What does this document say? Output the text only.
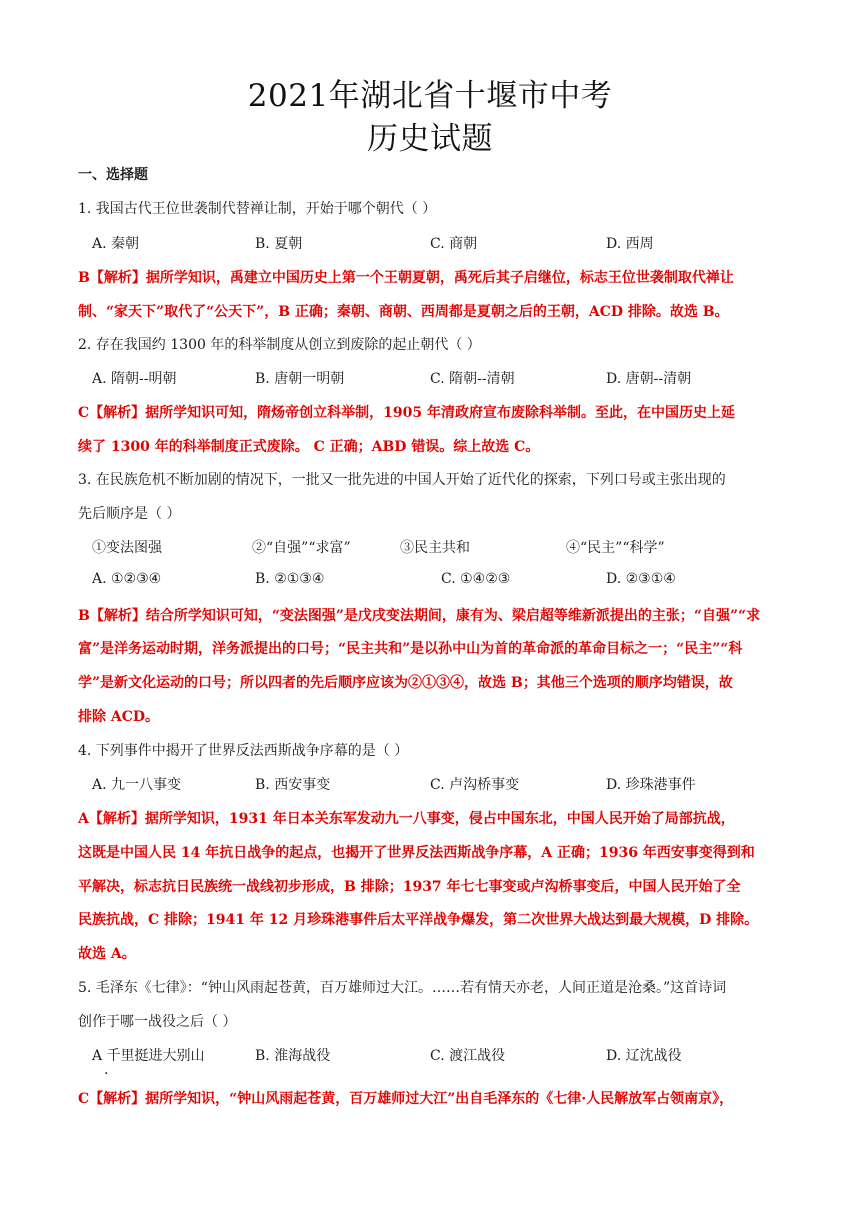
2021年湖北省十堰市中考
历史试题
一、选择题
1. 我国古代王位世袭制代替禅让制，开始于哪个朝代（ ）
A. 秦朝	B. 夏朝	C. 商朝	D. 西周
B【解析】据所学知识，禹建立中国历史上第一个王朝夏朝，禹死后其子启继位，标志王位世袭制取代禅让
制、“家天下”取代了“公天下”，B 正确；秦朝、商朝、西周都是夏朝之后的王朝，ACD 排除。故选 B。
2. 存在我国约 1300 年的科举制度从创立到废除的起止朝代（ ）
A. 隋朝--明朝	B. 唐朝一明朝	C. 隋朝--清朝	D. 唐朝--清朝
C【解析】据所学知识可知，隋炀帝创立科举制，1905 年清政府宣布废除科举制。至此，在中国历史上延
续了 1300 年的科举制度正式废除。 C 正确；ABD 错误。综上故选 C。
3. 在民族危机不断加剧的情况下，一批又一批先进的中国人开始了近代化的探索，下列口号或主张出现的
先后顺序是（ ）
①变法图强	②“自强”“求富”	③民主共和	④“民主”“科学”
A. ①②③④	B. ②①③④	C. ①④②③	D. ②③①④
B【解析】结合所学知识可知，“变法图强”是戊戌变法期间，康有为、梁启超等维新派提出的主张；“自强”“求
富”是洋务运动时期，洋务派提出的口号；“民主共和”是以孙中山为首的革命派的革命目标之一；“民主”“科
学”是新文化运动的口号；所以四者的先后顺序应该为②①③④，故选 B；其他三个选项的顺序均错误，故
排除 ACD。
4. 下列事件中揭开了世界反法西斯战争序幕的是（ ）
A. 九一八事变	B. 西安事变	C. 卢沟桥事变	D. 珍珠港事件
A【解析】据所学知识，1931 年日本关东军发动九一八事变，侵占中国东北，中国人民开始了局部抗战，
这既是中国人民 14 年抗日战争的起点，也揭开了世界反法西斯战争序幕，A 正确；1936 年西安事变得到和
平解决，标志抗日民族统一战线初步形成，B 排除；1937 年七七事变或卢沟桥事变后，中国人民开始了全
民族抗战，C 排除；1941 年 12 月珍珠港事件后太平洋战争爆发，第二次世界大战达到最大规模，D 排除。
故选 A。
5. 毛泽东《七律》：“钟山风雨起苍黄，百万雄师过大江。……若有情天亦老，人间正道是沧桑。”这首诗词
创作于哪一战役之后（ ）
A 千里挺进大别山
.
B. 淮海战役	C. 渡江战役	D. 辽沈战役
C【解析】据所学知识，“钟山风雨起苍黄，百万雄师过大江”出自毛泽东的《七律·人民解放军占领南京》，
